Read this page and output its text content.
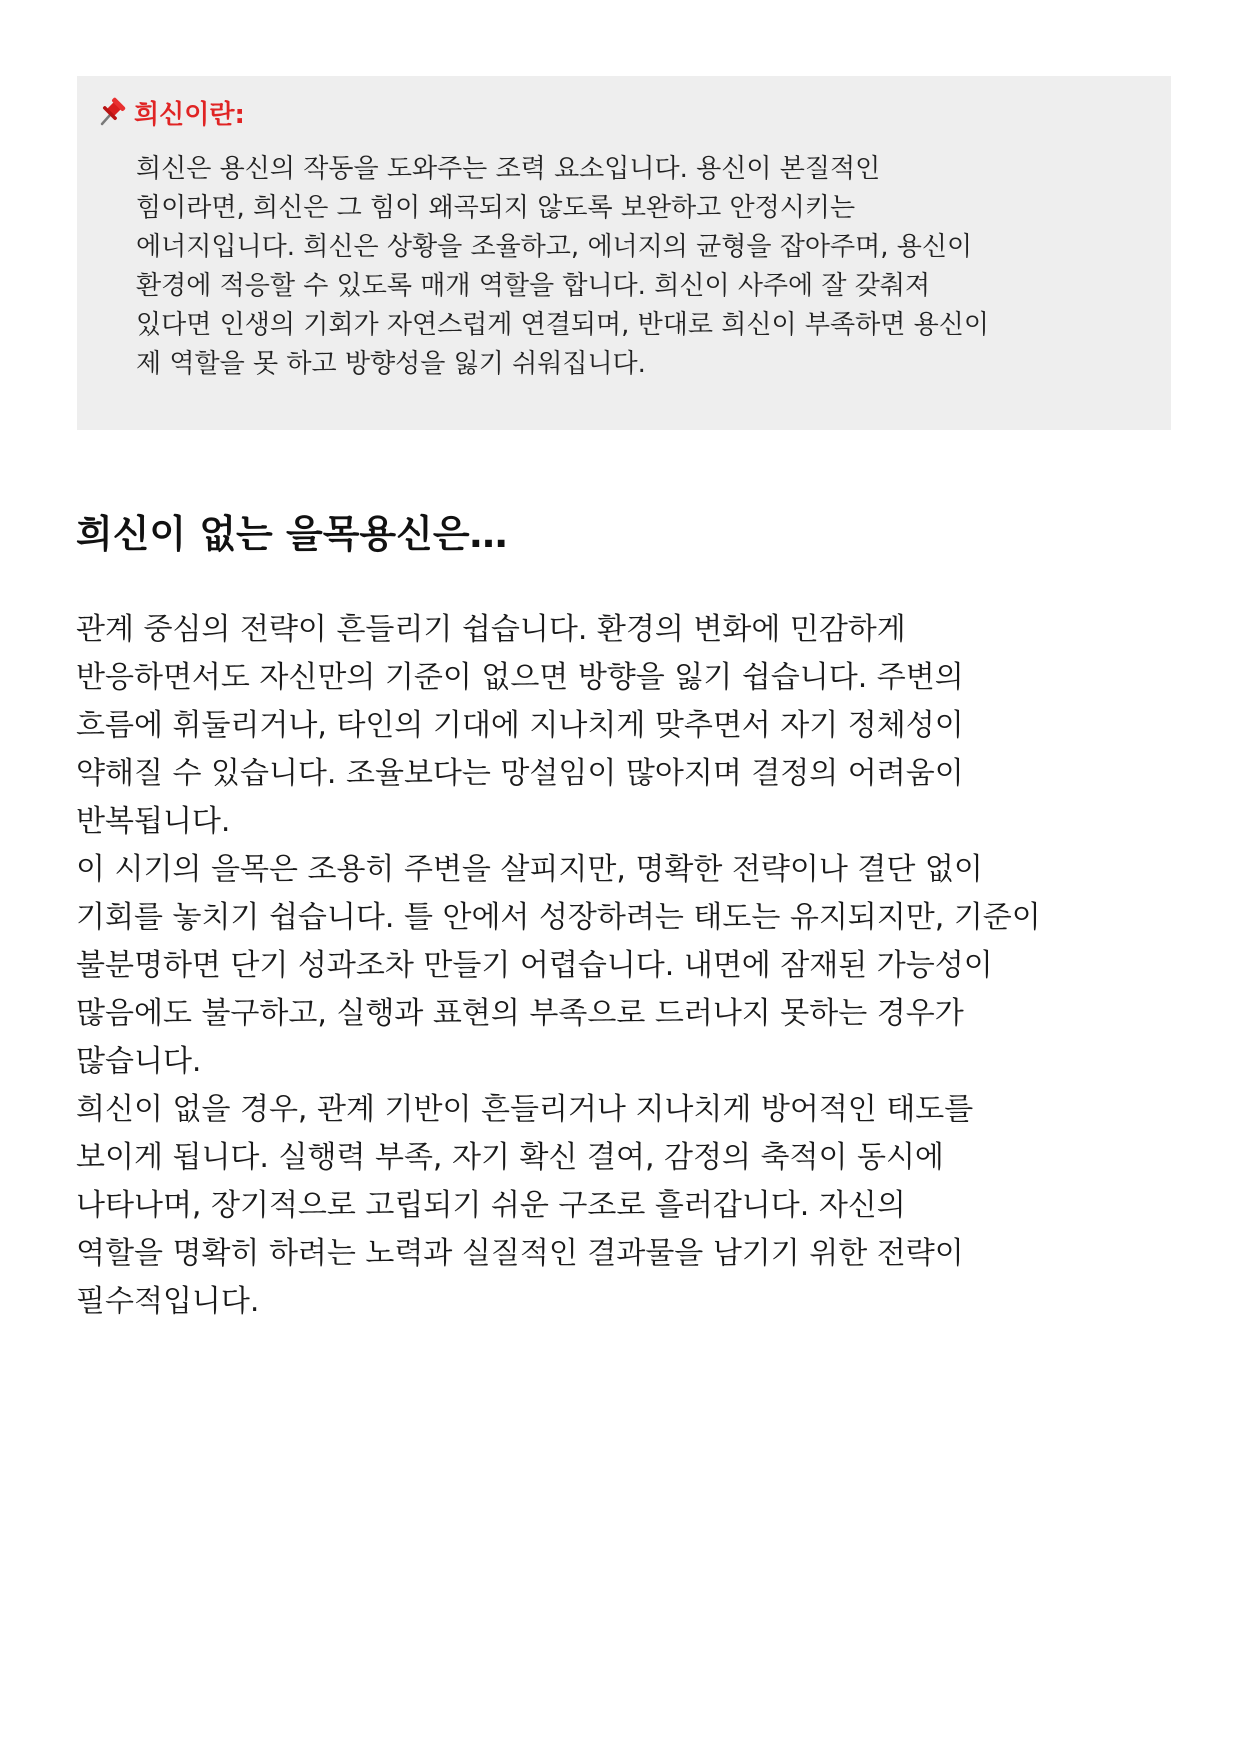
희신이란:
희신은 용신의 작동을 도와주는 조력 요소입니다. 용신이 본질적인
힘이라면, 희신은 그 힘이 왜곡되지 않도록 보완하고 안정시키는
에너지입니다. 희신은 상황을 조율하고, 에너지의 균형을 잡아주며, 용신이
환경에 적응할 수 있도록 매개 역할을 합니다. 희신이 사주에 잘 갖춰져
있다면 인생의 기회가 자연스럽게 연결되며, 반대로 희신이 부족하면 용신이
제 역할을 못 하고 방향성을 잃기 쉬워집니다.
희신이 없는 을목용신은…
관계 중심의 전략이 흔들리기 쉽습니다. 환경의 변화에 민감하게
반응하면서도 자신만의 기준이 없으면 방향을 잃기 쉽습니다. 주변의
흐름에 휘둘리거나, 타인의 기대에 지나치게 맞추면서 자기 정체성이
약해질 수 있습니다. 조율보다는 망설임이 많아지며 결정의 어려움이
반복됩니다.
이 시기의 을목은 조용히 주변을 살피지만, 명확한 전략이나 결단 없이
기회를 놓치기 쉽습니다. 틀 안에서 성장하려는 태도는 유지되지만, 기준이
불분명하면 단기 성과조차 만들기 어렵습니다. 내면에 잠재된 가능성이
많음에도 불구하고, 실행과 표현의 부족으로 드러나지 못하는 경우가
많습니다.
희신이 없을 경우, 관계 기반이 흔들리거나 지나치게 방어적인 태도를
보이게 됩니다. 실행력 부족, 자기 확신 결여, 감정의 축적이 동시에
나타나며, 장기적으로 고립되기 쉬운 구조로 흘러갑니다. 자신의
역할을 명확히 하려는 노력과 실질적인 결과물을 남기기 위한 전략이
필수적입니다.
